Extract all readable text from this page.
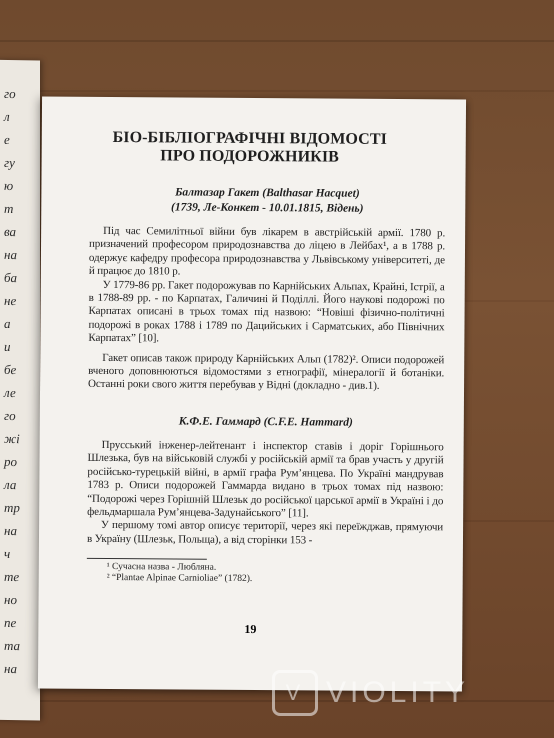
го
л
е
гу
ю
т
ва
на
ба
не
а
и
бе
ле
го
жі
ро
ла
тр
на
ч
те
но
пе
та
на
БІО-БІБЛІОГРАФІЧНІ ВІДОМОСТІ ПРО ПОДОРОЖНИКІВ
Балтазар Гакет (Balthasar Hacquet)
(1739, Ле-Конкет - 10.01.1815, Відень)

Під час Семилітньої війни був лікарем в австрійській армії. 1780 р. призначений професором природознавства до ліцею в Лейбах¹, а в 1788 р. одержує кафедру професора природознавства у Львівському університеті, де й працює до 1810 р.

У 1779-86 pp. Гакет подорожував по Карнійських Альпах, Крайні, Істрії, а в 1788-89 pp. - по Карпатах, Галичині й Поділлі. Його наукові подорожі по Карпатах описані в трьох томах під назвою: “Новіші фізично-політичні подорожі в роках 1788 і 1789 по Дацийських і Сарматських, або Північних Карпатах” [10].

Гакет описав також природу Карнійських Альп (1782)². Описи подорожей вченого доповнюються відомостями з етнографії, мінералогії й ботаніки. Останні роки свого життя перебував у Відні (докладно - див.1).

К.Ф.Е. Гаммард (C.F.E. Hammard)

Прусський інженер-лейтенант і інспектор ставів і доріг Горішнього Шлезька, був на військовій службі у російській армії та брав участь у другій російсько-турецькій війні, в армії графа Рум’янцева. По Україні мандрував 1783 р. Описи подорожей Гаммарда видано в трьох томах під назвою: “Подорожі через Горішній Шлезьк до російської царської армії в Україні і до фельдмаршала Рум’янцева-Задунайського” [11].

У першому томі автор описує території, через які переїжджав, прямуючи в Україну (Шлезьк, Польща), а від сторінки 153 -

¹ Сучасна назва - Любляна.
² “Plantae Alpinae Carnioliae” (1782).
19
V VIOLITY
